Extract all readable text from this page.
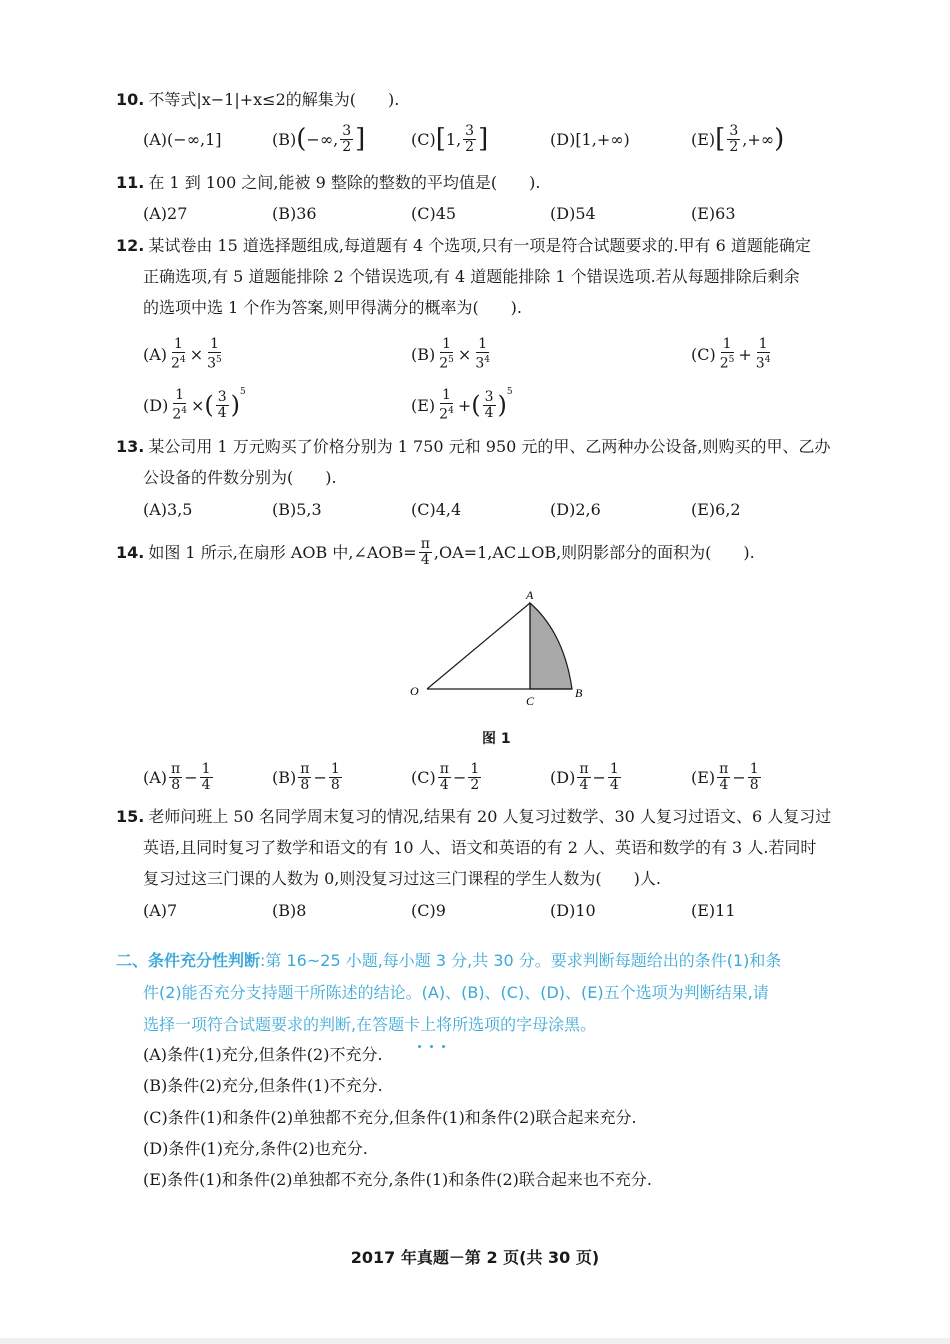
10. 不等式|x−1|+x≤2的解集为(　　).
(A)(−∞,1]	(B) ( −∞, $\frac{3}{2}$ ]	(C) [ 1, $\frac{3}{2}$ ]	(D)[1,+∞)	(E) [ $\frac{3}{2}$ ,+∞ )
11. 在 1 到 100 之间,能被 9 整除的整数的平均值是(　　).
(A)27	(B)36	(C)45	(D)54	(E)63
12. 某试卷由 15 道选择题组成,每道题有 4 个选项,只有一项是符合试题要求的.甲有 6 道题能确定
正确选项,有 5 道题能排除 2 个错误选项,有 4 道题能排除 1 个错误选项.若从每题排除后剩余
的选项中选 1 个作为答案,则甲得满分的概率为(　　).
$(A) \frac{1}{2^4} \times \frac{1}{3^5}$	$(B) \frac{1}{2^5} \times \frac{1}{3^4}$	$(C) \frac{1}{2^5} + \frac{1}{3^4}$
$(D) \frac{1}{2^4}$ × ( $\frac{3}{4}$ ) 5
$(E) \frac{1}{2^4}$ + ( $\frac{3}{4}$ ) 5
13. 某公司用 1 万元购买了价格分别为 1 750 元和 950 元的甲、乙两种办公设备,则购买的甲、乙办
公设备的件数分别为(　　).
(A)3,5	(B)5,3	(C)4,4	(D)2,6	(E)6,2
14. 如图 1 所示,在扇形 AOB 中,∠AOB= $\frac{\pi}{4}$ ,OA=1,AC⊥OB,则阴影部分的面积为(　　).
A
O
C
B
图 1
$(A) \frac{\pi}{8} - \frac{1}{4}$	$(B) \frac{\pi}{8} - \frac{1}{8}$	$(C) \frac{\pi}{4} - \frac{1}{2}$	$(D) \frac{\pi}{4} - \frac{1}{4}$	$(E) \frac{\pi}{4} - \frac{1}{8}$
15. 老师问班上 50 名同学周末复习的情况,结果有 20 人复习过数学、30 人复习过语文、6 人复习过
英语,且同时复习了数学和语文的有 10 人、语文和英语的有 2 人、英语和数学的有 3 人.若同时
复习过这三门课的人数为 0,则没复习过这三门课程的学生人数为(　　)人.
(A)7	(B)8	(C)9	(D)10	(E)11
二、条件充分性判断:第 16~25 小题,每小题 3 分,共 30 分。要求判断每题给出的条件(1)和条
件(2)能否充分支持题干所陈述的结论。(A)、(B)、(C)、(D)、(E)五个选项为判断结果,请
选择一项符合试题要求的判断,在答题卡上将所选项的字母涂黑。
(A)条件(1)充分,但条件(2)不充分.
(B)条件(2)充分,但条件(1)不充分.
(C)条件(1)和条件(2)单独都不充分,但条件(1)和条件(2)联合起来充分.
(D)条件(1)充分,条件(2)也充分.
(E)条件(1)和条件(2)单独都不充分,条件(1)和条件(2)联合起来也不充分.
2017 年真题－第 2 页(共 30 页)
